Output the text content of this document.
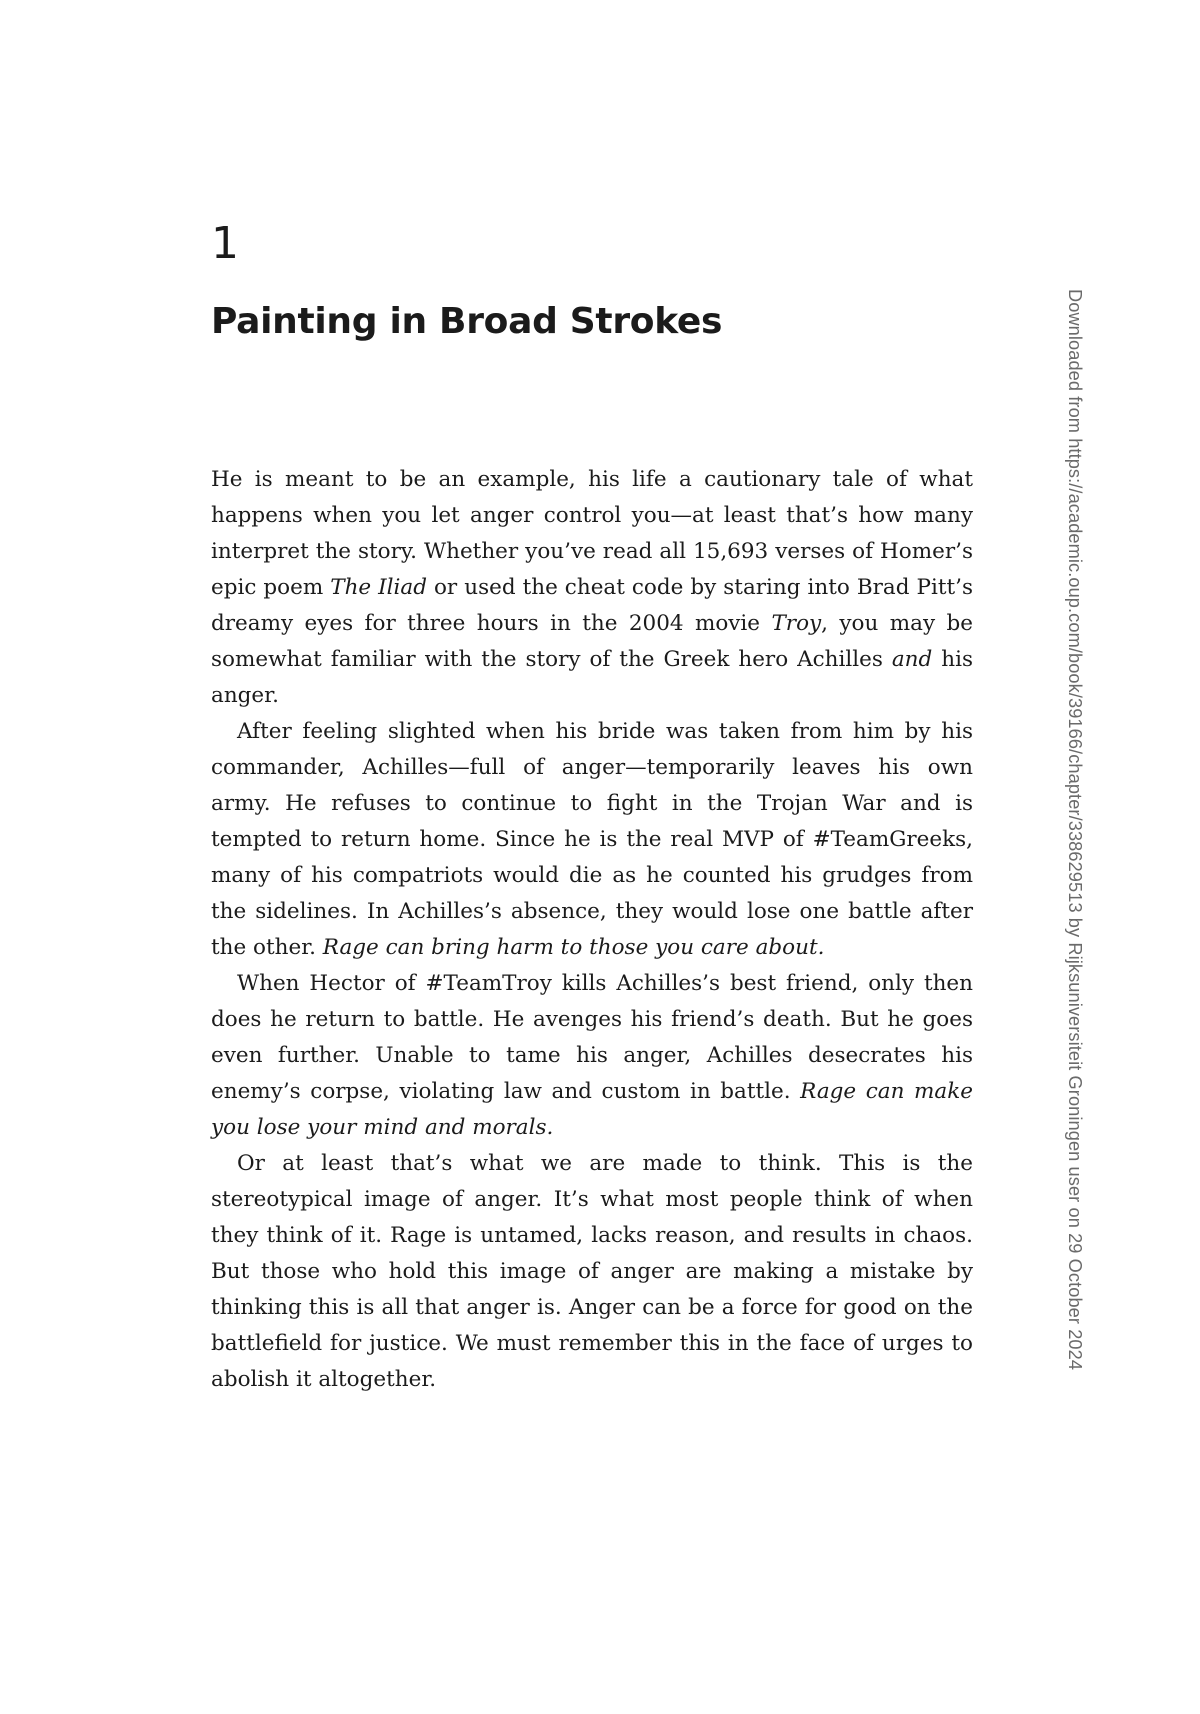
1
Painting in Broad Strokes

He is meant to be an example, his life a cautionary tale of what happens when you let anger control you—at least that’s how many interpret the story. Whether you’ve read all 15,693 verses of Homer’s epic poem The Iliad or used the cheat code by staring into Brad Pitt’s dreamy eyes for three hours in the 2004 movie Troy, you may be somewhat familiar with the story of the Greek hero Achilles and his anger.

After feeling slighted when his bride was taken from him by his commander, Achilles—full of anger—temporarily leaves his own army. He refuses to continue to fight in the Trojan War and is tempted to return home. Since he is the real MVP of #TeamGreeks, many of his compatriots would die as he counted his grudges from the sidelines. In Achilles’s absence, they would lose one battle after the other. Rage can bring harm to those you care about.

When Hector of #TeamTroy kills Achilles’s best friend, only then does he return to battle. He avenges his friend’s death. But he goes even further. Unable to tame his anger, Achilles desecrates his enemy’s corpse, violating law and custom in battle. Rage can make you lose your mind and morals.

Or at least that’s what we are made to think. This is the stereotypical image of anger. It’s what most people think of when they think of it. Rage is untamed, lacks reason, and results in chaos. But those who hold this image of anger are making a mistake by thinking this is all that anger is. Anger can be a force for good on the battlefield for justice. We must remember this in the face of urges to abolish it altogether.

Downloaded from https://academic.oup.com/book/39166/chapter/338629513 by Rijksuniversiteit Groningen user on 29 October 2024
